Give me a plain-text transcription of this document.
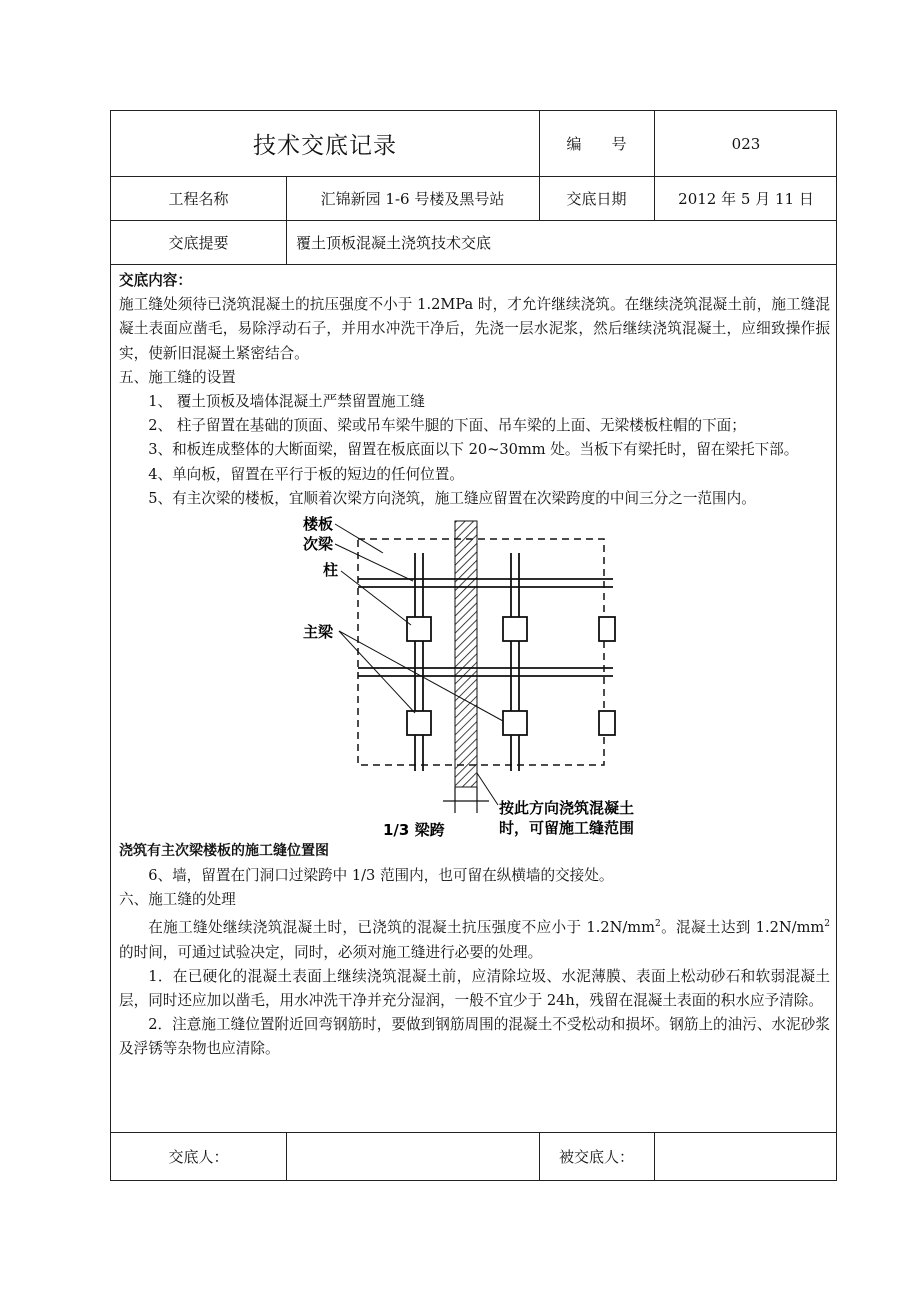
技术交底记录	编　　号	023
工程名称	汇锦新园 1-6 号楼及黑号站	交底日期	2012 年 5 月 11 日
交底提要	覆土顶板混凝土浇筑技术交底

交底内容：

施工缝处须待已浇筑混凝土的抗压强度不小于 1.2MPa 时，才允许继续浇筑。在继续浇筑混凝土前，施工缝混凝土表面应凿毛，易除浮动石子，并用水冲洗干净后，先浇一层水泥浆，然后继续浇筑混凝土，应细致操作振实，使新旧混凝土紧密结合。

五、施工缝的设置

1、 覆土顶板及墙体混凝土严禁留置施工缝

2、 柱子留置在基础的顶面、梁或吊车梁牛腿的下面、吊车梁的上面、无梁楼板柱帽的下面；

3、和板连成整体的大断面梁，留置在板底面以下 20~30mm 处。当板下有梁托时，留在梁托下部。

4、单向板，留置在平行于板的短边的任何位置。

5、有主次梁的楼板，宜顺着次梁方向浇筑，施工缝应留置在次梁跨度的中间三分之一范围内。

楼板
次梁
柱
主梁
1/3 梁跨
按此方向浇筑混凝土
时，可留施工缝范围

浇筑有主次梁楼板的施工缝位置图

6、墙，留置在门洞口过梁跨中 1/3 范围内，也可留在纵横墙的交接处。

六、施工缝的处理

在施工缝处继续浇筑混凝土时，已浇筑的混凝土抗压强度不应小于 $1.2N/mm^2$。混凝土达到 $1.2N/mm^2$ 的时间，可通过试验决定，同时，必须对施工缝进行必要的处理。

1．在已硬化的混凝土表面上继续浇筑混凝土前，应清除垃圾、水泥薄膜、表面上松动砂石和软弱混凝土层，同时还应加以凿毛，用水冲洗干净并充分湿润，一般不宜少于 24h，残留在混凝土表面的积水应予清除。

2．注意施工缝位置附近回弯钢筋时，要做到钢筋周围的混凝土不受松动和损坏。钢筋上的油污、水泥砂浆及浮锈等杂物也应清除。

交底人：	被交底人：
